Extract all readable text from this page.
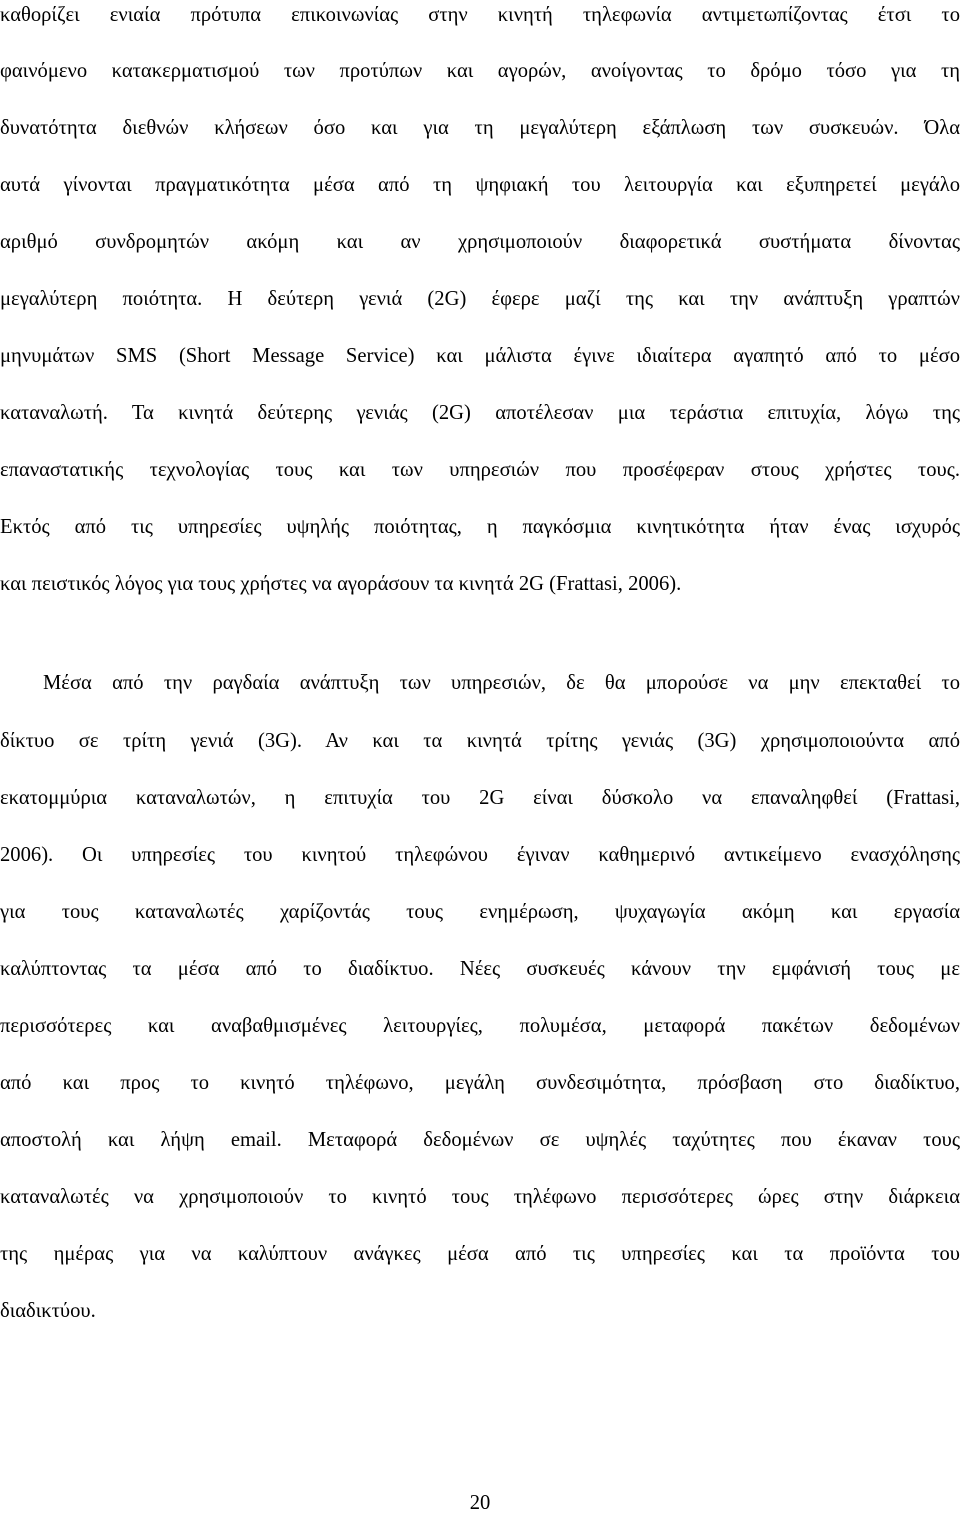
καθορίζει ενιαία πρότυπα επικοινωνίας στην κινητή τηλεφωνία αντιμετωπίζοντας έτσι το
φαινόμενο κατακερματισμού των προτύπων και αγορών, ανοίγοντας το δρόμο τόσο για τη
δυνατότητα διεθνών κλήσεων όσο και για τη μεγαλύτερη εξάπλωση των συσκευών. Όλα
αυτά γίνονται πραγματικότητα μέσα από τη ψηφιακή του λειτουργία και εξυπηρετεί μεγάλο
αριθμό συνδρομητών ακόμη και αν χρησιμοποιούν διαφορετικά συστήματα δίνοντας
μεγαλύτερη ποιότητα. Η δεύτερη γενιά (2G) έφερε μαζί της και την ανάπτυξη γραπτών
μηνυμάτων SMS (Short Message Service) και μάλιστα έγινε ιδιαίτερα αγαπητό από το μέσο
καταναλωτή. Τα κινητά δεύτερης γενιάς (2G) αποτέλεσαν μια τεράστια επιτυχία, λόγω της
επαναστατικής τεχνολογίας τους και των υπηρεσιών που προσέφεραν στους χρήστες τους.
Εκτός από τις υπηρεσίες υψηλής ποιότητας, η παγκόσμια κινητικότητα ήταν ένας ισχυρός
και πειστικός λόγος για τους χρήστες να αγοράσουν τα κινητά 2G (Frattasi, 2006).
Μέσα από την ραγδαία ανάπτυξη των υπηρεσιών, δε θα μπορούσε να μην επεκταθεί το
δίκτυο σε τρίτη γενιά (3G). Αν και τα κινητά τρίτης γενιάς (3G) χρησιμοποιούντα από
εκατομμύρια καταναλωτών, η επιτυχία του 2G είναι δύσκολο να επαναληφθεί (Frattasi,
2006). Οι υπηρεσίες του κινητού τηλεφώνου έγιναν καθημερινό αντικείμενο ενασχόλησης
για τους καταναλωτές χαρίζοντάς τους ενημέρωση, ψυχαγωγία ακόμη και εργασία
καλύπτοντας τα μέσα από το διαδίκτυο. Νέες συσκευές κάνουν την εμφάνισή τους με
περισσότερες και αναβαθμισμένες λειτουργίες, πολυμέσα, μεταφορά πακέτων δεδομένων
από και προς το κινητό τηλέφωνο, μεγάλη συνδεσιμότητα, πρόσβαση στο διαδίκτυο,
αποστολή και λήψη email. Μεταφορά δεδομένων σε υψηλές ταχύτητες που έκαναν τους
καταναλωτές να χρησιμοποιούν το κινητό τους τηλέφωνο περισσότερες ώρες στην διάρκεια
της ημέρας για να καλύπτουν ανάγκες μέσα από τις υπηρεσίες και τα προϊόντα του
διαδικτύου.
20
